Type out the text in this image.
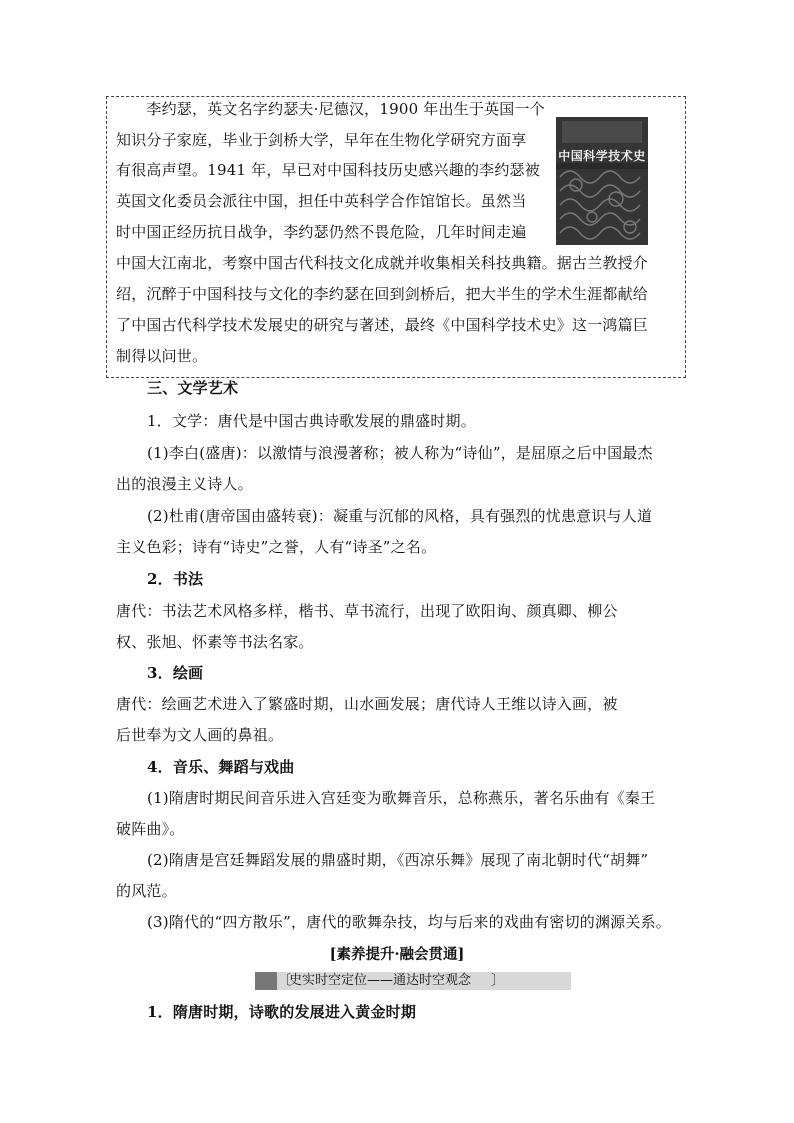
　　李约瑟，英文名字约瑟夫·尼德汉，1900 年出生于英国一个
知识分子家庭，毕业于剑桥大学，早年在生物化学研究方面享
有很高声望。1941 年，早已对中国科技历史感兴趣的李约瑟被
英国文化委员会派往中国，担任中英科学合作馆馆长。虽然当
时中国正经历抗日战争，李约瑟仍然不畏危险，几年时间走遍
中国大江南北，考察中国古代科技文化成就并收集相关科技典籍。据古兰教授介
绍，沉醉于中国科技与文化的李约瑟在回到剑桥后，把大半生的学术生涯都献给
了中国古代科学技术发展史的研究与著述，最终《中国科学技术史》这一鸿篇巨
制得以问世。
中国科学技术史
三、文学艺术
1．文学：唐代是中国古典诗歌发展的鼎盛时期。
(1)李白(盛唐)：以激情与浪漫著称；被人称为“诗仙”，是屈原之后中国最杰
出的浪漫主义诗人。
(2)杜甫(唐帝国由盛转衰)：凝重与沉郁的风格，具有强烈的忧患意识与人道
主义色彩；诗有“诗史”之誉，人有“诗圣”之名。
2．书法
唐代：书法艺术风格多样，楷书、草书流行，出现了欧阳询、颜真卿、柳公
权、张旭、怀素等书法名家。
3．绘画
唐代：绘画艺术进入了繁盛时期，山水画发展；唐代诗人王维以诗入画，被
后世奉为文人画的鼻祖。
4．音乐、舞蹈与戏曲
(1)隋唐时期民间音乐进入宫廷变为歌舞音乐，总称燕乐，著名乐曲有《秦王
破阵曲》。
(2)隋唐是宫廷舞蹈发展的鼎盛时期，《西凉乐舞》展现了南北朝时代“胡舞”
的风范。
(3)隋代的“四方散乐”，唐代的歌舞杂技，均与后来的戏曲有密切的渊源关系。
[素养提升·融会贯通]
〔
史实时空定位——通达时空观念 〕
1．隋唐时期，诗歌的发展进入黄金时期
